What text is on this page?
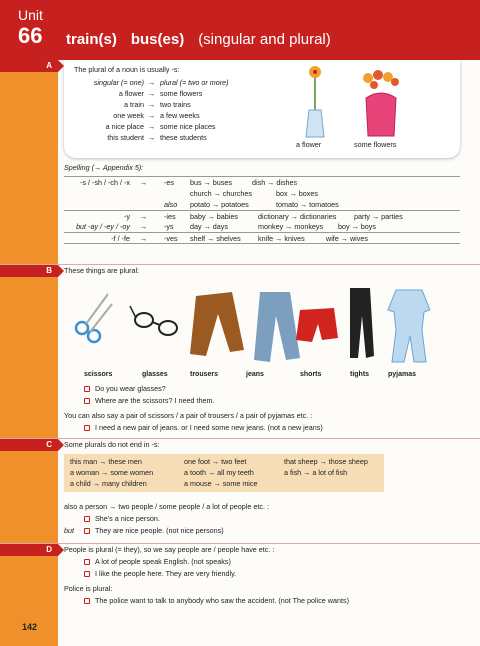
Unit
66 train(s) bus(es) (singular and plural)
A	The plural of a noun is usually -s:
singular (= one) → plural (= two or more)
a flower → some flowers
a train → two trains
one week → a few weeks
a nice place → some nice places
this student → these students
a flower	some flowers
Spelling (→ Appendix 5):
-s / -sh / -ch / -x → -es bus → buses	dish → dishes
church → churches	box → boxes
also potato → potatoes	tomato → tomatoes
-y → -ies baby → babies	dictionary → dictionaries party → parties
but -ay / -ey / -oy → -ys day → days	monkey → monkeys boy → boys
-f / -fe → -ves shelf → shelves knife → knives	wife → wives
B	These things are plural:
scissors	glasses	trousers	jeans	shorts	tights	pyjamas
Do you wear glasses?
Where are the scissors? I need them.
You can also say a pair of scissors / a pair of trousers / a pair of pyjamas etc. :
I need a new pair of jeans. or I need some new jeans. (not a new jeans)
C	Some plurals do not end in -s:
this man → these men	one foot → two feet	that sheep → those sheep
a woman → some women	a tooth → all my teeth	a fish → a lot of fish
a child → many children	a mouse → some mice
also a person → two people / some people / a lot of people etc. :
She's a nice person.
but	They are nice people. (not nice persons)
D	People is plural (= they), so we say people are / people have etc. :
A lot of people speak English. (not speaks)
I like the people here. They are very friendly.
Police is plural:
The police want to talk to anybody who saw the accident. (not The police wants)
142
